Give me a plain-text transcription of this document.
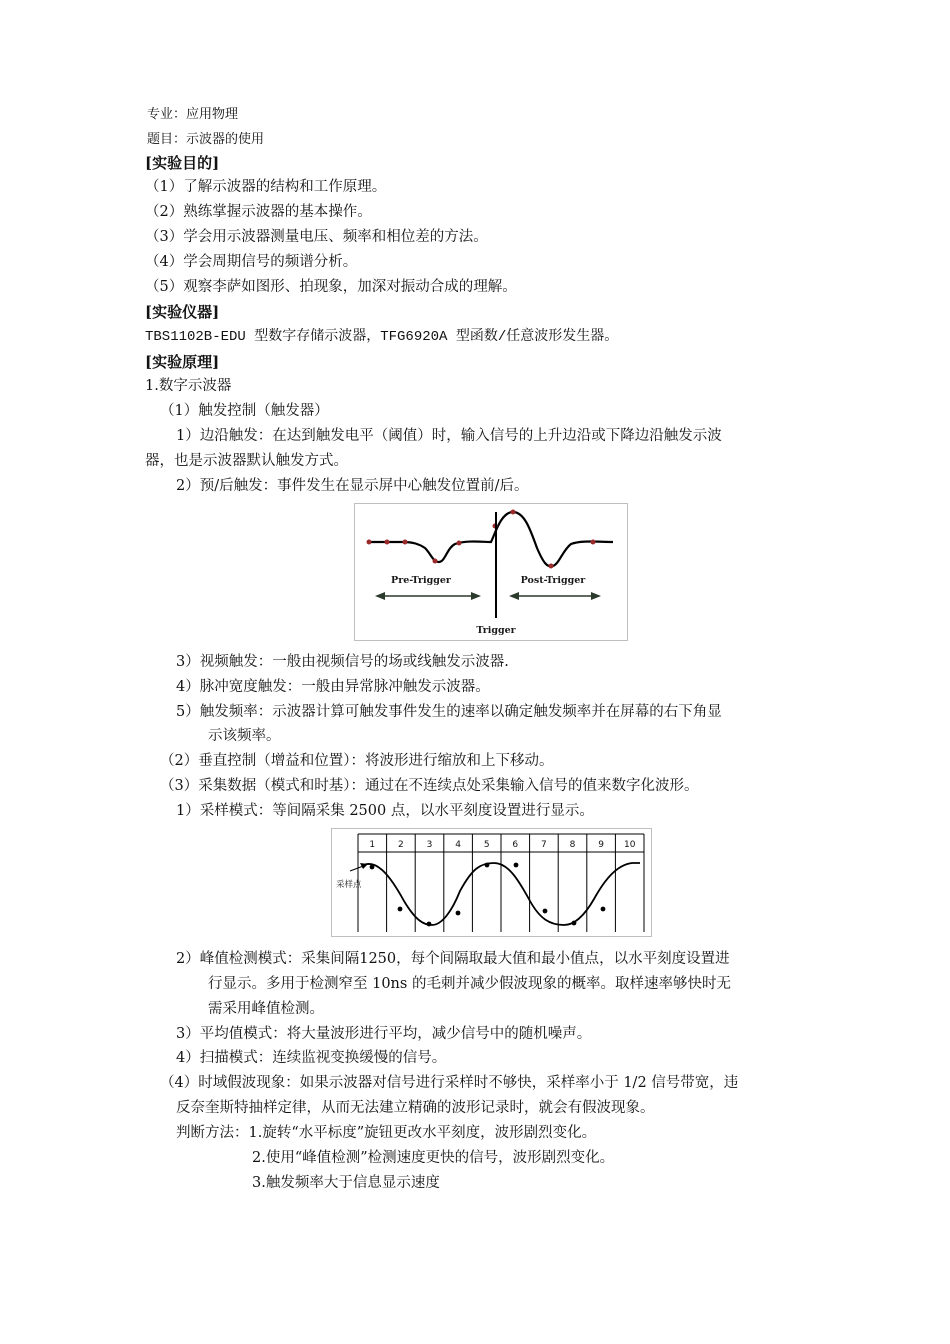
专业：应用物理
题目：示波器的使用
[实验目的]
（1）了解示波器的结构和工作原理。
（2）熟练掌握示波器的基本操作。
（3）学会用示波器测量电压、频率和相位差的方法。
（4）学会周期信号的频谱分析。
（5）观察李萨如图形、拍现象，加深对振动合成的理解。
[实验仪器]
TBS1102B-EDU 型数字存储示波器，TFG6920A 型函数/任意波形发生器。
[实验原理]
1.数字示波器
（1）触发控制（触发器）
1）边沿触发：在达到触发电平（阈值）时，输入信号的上升边沿或下降边沿触发示波
器，也是示波器默认触发方式。
2）预/后触发：事件发生在显示屏中心触发位置前/后。
Pre-Trigger	Post-Trigger
Trigger
3）视频触发：一般由视频信号的场或线触发示波器.
4）脉冲宽度触发：一般由异常脉冲触发示波器。
5）触发频率：示波器计算可触发事件发生的速率以确定触发频率并在屏幕的右下角显
示该频率。
（2）垂直控制（增益和位置）：将波形进行缩放和上下移动。
（3）采集数据（模式和时基）：通过在不连续点处采集输入信号的值来数字化波形。
1）采样模式：等间隔采集 2500 点，以水平刻度设置进行显示。
1	2	3	4	5	6	7	8	9 10
采样点
2）峰值检测模式：采集间隔1250，每个间隔取最大值和最小值点，以水平刻度设置进
行显示。多用于检测窄至 10ns 的毛刺并减少假波现象的概率。取样速率够快时无
需采用峰值检测。
3）平均值模式：将大量波形进行平均，减少信号中的随机噪声。
4）扫描模式：连续监视变换缓慢的信号。
（4）时域假波现象：如果示波器对信号进行采样时不够快，采样率小于 1/2 信号带宽，违
反奈奎斯特抽样定律，从而无法建立精确的波形记录时，就会有假波现象。
判断方法：1.旋转“水平标度”旋钮更改水平刻度，波形剧烈变化。
2.使用“峰值检测”检测速度更快的信号，波形剧烈变化。
3.触发频率大于信息显示速度
